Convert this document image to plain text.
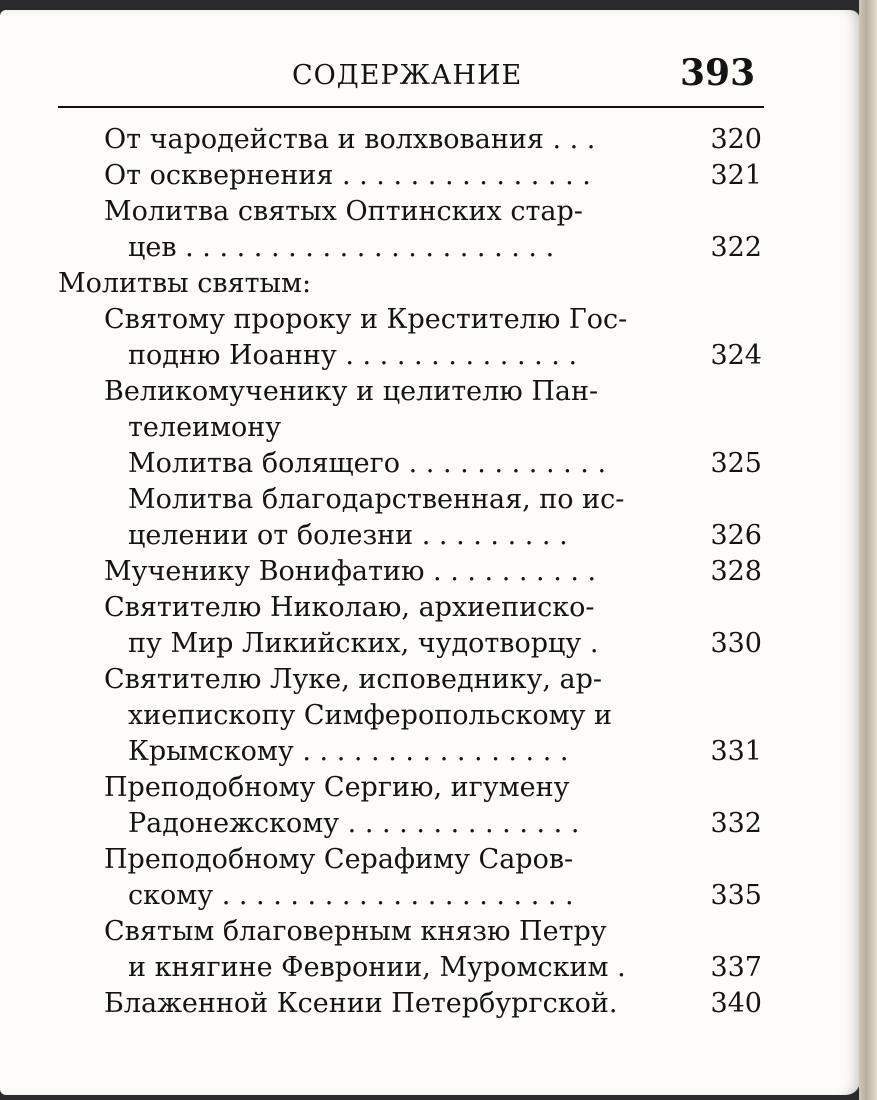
СОДЕРЖАНИЕ	393
От чародейства и волхвования . . .	320
От осквернения . . . . . . . . . . . . . . .	321
Молитва святых Оптинских стар-
цев . . . . . . . . . . . . . . . . . . . . . .	322
Молитвы святым:
Святому пророку и Крестителю Гос-
подню Иоанну . . . . . . . . . . . . . .	324
Великомученику и целителю Пан-
телеимону
Молитва болящего . . . . . . . . . . . .	325
Молитва благодарственная, по ис-
целении от болезни . . . . . . . . .	326
Мученику Вонифатию . . . . . . . . . .	328
Святителю Николаю, архиеписко-
пу Мир Ликийских, чудотворцу .	330
Святителю Луке, исповеднику, ар-
хиепископу Симферопольскому и
Крымскому . . . . . . . . . . . . . . . .	331
Преподобному Сергию, игумену
Радонежскому . . . . . . . . . . . . . .	332
Преподобному Серафиму Саров-
скому . . . . . . . . . . . . . . . . . . . . .	335
Святым благоверным князю Петру
и княгине Февронии, Муромским .	337
Блаженной Ксении Петербургской.	340
